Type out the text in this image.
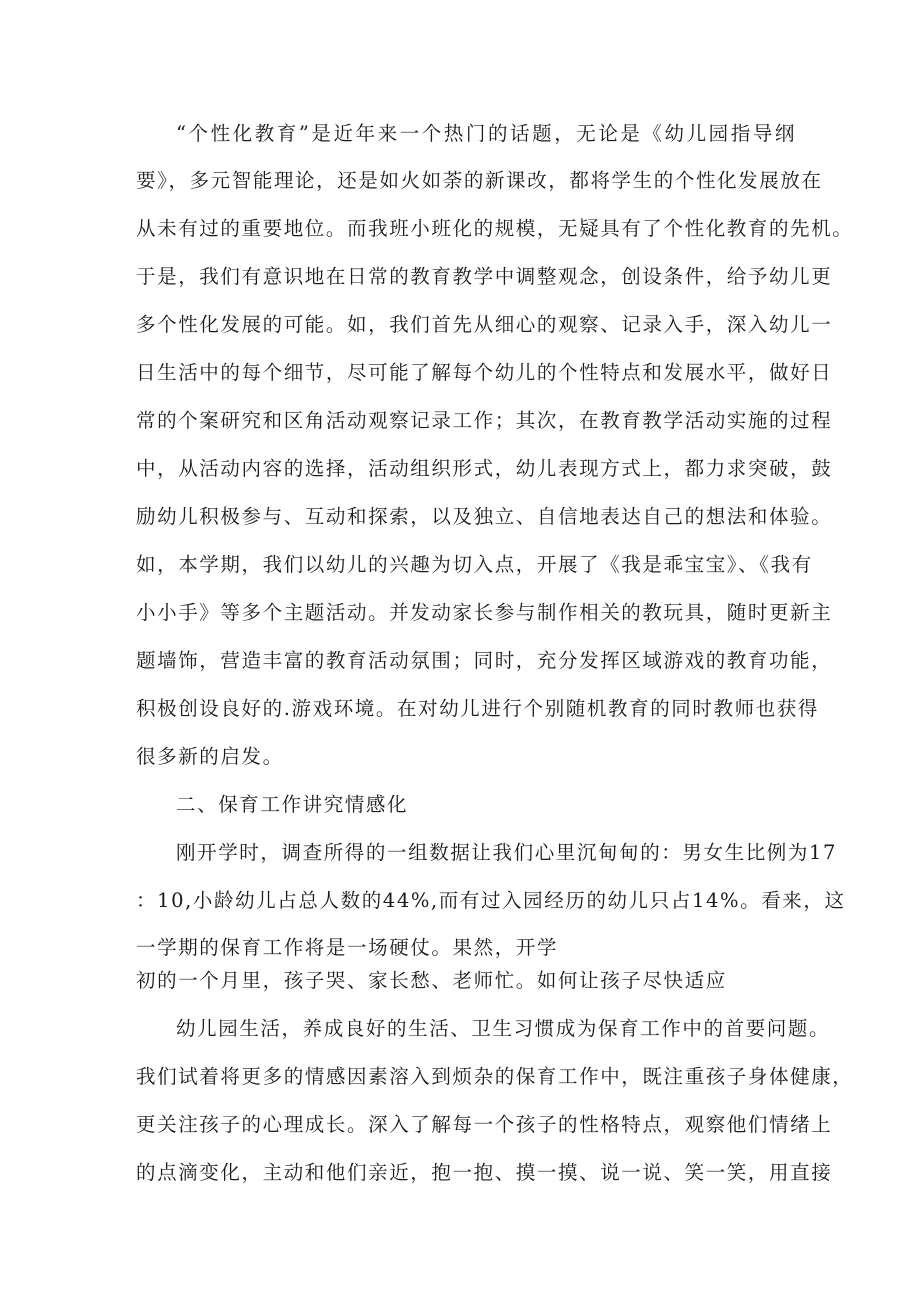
“个性化教育”是近年来一个热门的话题，无论是《幼儿园指导纲
要》，多元智能理论，还是如火如荼的新课改，都将学生的个性化发展放在
从未有过的重要地位。而我班小班化的规模，无疑具有了个性化教育的先机。
于是，我们有意识地在日常的教育教学中调整观念，创设条件，给予幼儿更
多个性化发展的可能。如，我们首先从细心的观察、记录入手，深入幼儿一
日生活中的每个细节，尽可能了解每个幼儿的个性特点和发展水平，做好日
常的个案研究和区角活动观察记录工作；其次，在教育教学活动实施的过程
中，从活动内容的选择，活动组织形式，幼儿表现方式上，都力求突破，鼓
励幼儿积极参与、互动和探索，以及独立、自信地表达自己的想法和体验。
如，本学期，我们以幼儿的兴趣为切入点，开展了《我是乖宝宝》、《我有
小小手》等多个主题活动。并发动家长参与制作相关的教玩具，随时更新主
题墙饰，营造丰富的教育活动氛围；同时，充分发挥区域游戏的教育功能，
积极创设良好的.游戏环境。在对幼儿进行个别随机教育的同时教师也获得
很多新的启发。
二、保育工作讲究情感化
刚开学时，调查所得的一组数据让我们心里沉甸甸的：男女生比例为17
：10,小龄幼儿占总人数的44%,而有过入园经历的幼儿只占14%。看来，这
一学期的保育工作将是一场硬仗。果然，开学
初的一个月里，孩子哭、家长愁、老师忙。如何让孩子尽快适应
幼儿园生活，养成良好的生活、卫生习惯成为保育工作中的首要问题。
我们试着将更多的情感因素溶入到烦杂的保育工作中，既注重孩子身体健康，
更关注孩子的心理成长。深入了解每一个孩子的性格特点，观察他们情绪上
的点滴变化，主动和他们亲近，抱一抱、摸一摸、说一说、笑一笑，用直接
